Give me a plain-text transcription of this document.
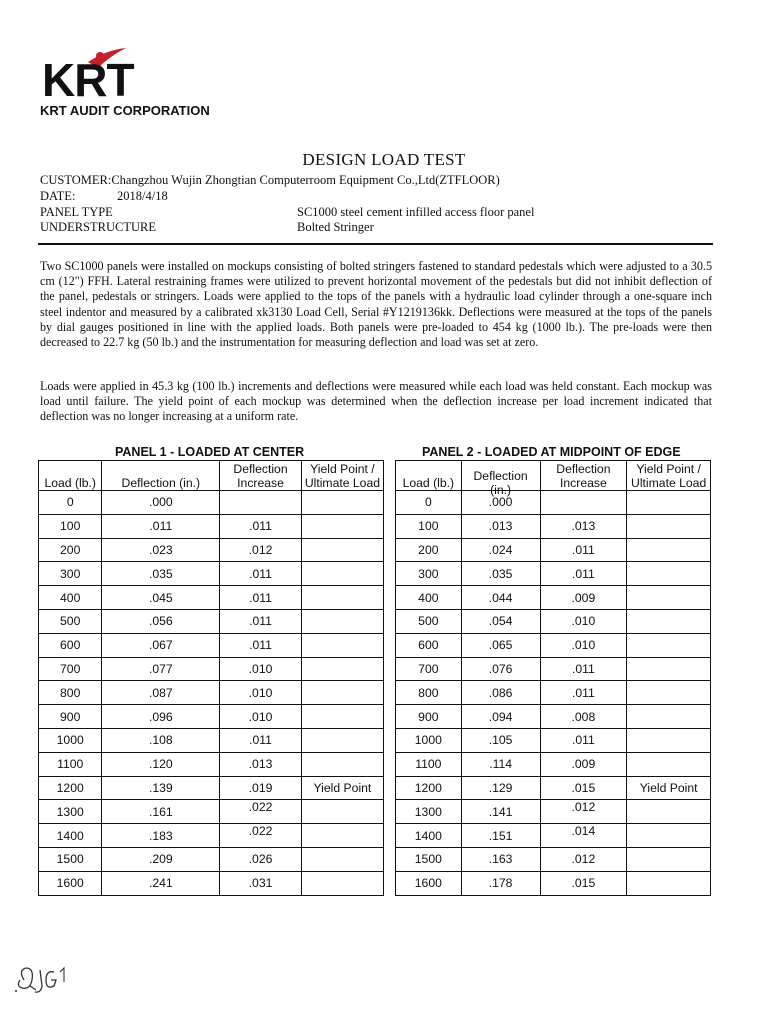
KRT
KRT AUDIT CORPORATION
DESIGN LOAD TEST
CUSTOMER:Changzhou Wujin Zhongtian Computerroom Equipment Co.,Ltd(ZTFLOOR)
DATE:	2018/4/18
PANEL TYPE	SC1000 steel cement infilled access floor panel
UNDERSTRUCTURE	Bolted Stringer
Two SC1000 panels were installed on mockups consisting of bolted stringers fastened to standard pedestals which were adjusted to a 30.5 cm (12") FFH. Lateral restraining frames were utilized to prevent horizontal movement of the pedestals but did not inhibit deflection of the panel, pedestals or stringers. Loads were applied to the tops of the panels with a hydraulic load cylinder through a one-square inch steel indentor and measured by a calibrated xk3130 Load Cell, Serial #Y1219136kk. Deflections were measured at the tops of the panels by dial gauges positioned in line with the applied loads. Both panels were pre-loaded to 454 kg (1000 lb.). The pre-loads were then decreased to 22.7 kg (50 lb.) and the instrumentation for measuring deflection and load was set at zero.
Loads were applied in 45.3 kg (100 lb.) increments and deflections were measured while each load was held constant. Each mockup was load until failure. The yield point of each mockup was determined when the deflection increase per load increment indicated that deflection was no longer increasing at a uniform rate.
PANEL 1 - LOADED AT CENTER	PANEL 2 - LOADED AT MIDPOINT OF EDGE
Load (lb.)	Deflection (in.)	Deflection Increase	Yield Point / Ultimate Load
0	.000		
100	.011	.011	
200	.023	.012	
300	.035	.011	
400	.045	.011	
500	.056	.011	
600	.067	.011	
700	.077	.010	
800	.087	.010	
900	.096	.010	
1000	.108	.011	
1100	.120	.013	
1200	.139	.019	Yield Point
1300	.161	.022	
1400	.183	.022	
1500	.209	.026	
1600	.241	.031	
Load (lb.)	Deflection (in.)	Deflection Increase	Yield Point / Ultimate Load
0	.000		
100	.013	.013	
200	.024	.011	
300	.035	.011	
400	.044	.009	
500	.054	.010	
600	.065	.010	
700	.076	.011	
800	.086	.011	
900	.094	.008	
1000	.105	.011	
1100	.114	.009	
1200	.129	.015	Yield Point
1300	.141	.012	
1400	.151	.014	
1500	.163	.012	
1600	.178	.015	
